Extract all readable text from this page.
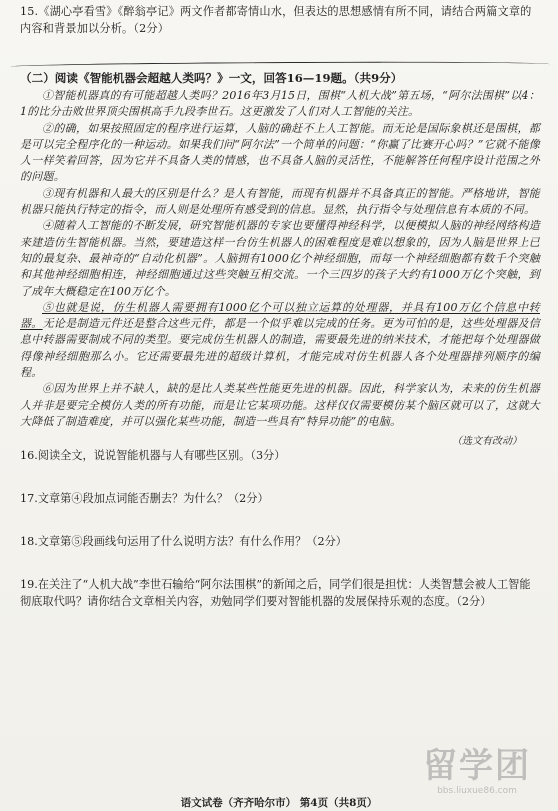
15.《湖心亭看雪》《醉翁亭记》两文作者都寄情山水，但表达的思想感情有所不同，请结合两篇文章的内容和背景加以分析。（2分）
（二）阅读《智能机器会超越人类吗？》一文，回答16—19题。（共9分）

①智能机器真的有可能超越人类吗？2016年3月15日，围棋“人机大战”第五场，“阿尔法围棋”以4：1的比分击败世界顶尖围棋高手九段李世石。这更激发了人们对人工智能的关注。

②的确，如果按照固定的程序进行运算，人脑的确赶不上人工智能。而无论是国际象棋还是围棋，都是可以完全程序化的一种运动。如果我们问“阿尔法”一个简单的问题：“你赢了比赛开心吗？”它就不能像人一样笑着回答，因为它并不具备人类的情感，也不具备人脑的灵活性，不能解答任何程序设计范围之外的问题。

③现有机器和人最大的区别是什么？是人有智能，而现有机器并不具备真正的智能。严格地讲，智能机器只能执行特定的指令，而人则是处理所有感受到的信息。显然，执行指令与处理信息有本质的不同。

④随着人工智能的不断发展，研究智能机器的专家也要懂得神经科学，以便模拟人脑的神经网络构造来建造仿生智能机器。当然，要建造这样一台仿生机器人的困难程度是难以想象的，因为人脑是世界上已知的最复杂、最神奇的“自动化机器”。人脑拥有1000亿个神经细胞，而每一个神经细胞都有数千个突触和其他神经细胞相连，神经细胞通过这些突触互相交流。一个三四岁的孩子大约有1000万亿个突触，到了成年大概稳定在100万亿个。

⑤也就是说，仿生机器人需要拥有1000亿个可以独立运算的处理器，并具有100万亿个信息中转器。无论是制造元件还是整合这些元件，都是一个似乎难以完成的任务。更为可怕的是，这些处理器及信息中转器需要制成不同的类型。要完成仿生机器人的制造，需要最先进的纳米技术，才能把每个处理器做得像神经细胞那么小。它还需要最先进的超级计算机，才能完成对仿生机器人各个处理器排列顺序的编程。

⑥因为世界上并不缺人，缺的是比人类某些性能更先进的机器。因此，科学家认为，未来的仿生机器人并非是要完全模仿人类的所有功能，而是让它某项功能。这样仅仅需要模仿某个脑区就可以了，这就大大降低了制造难度，并可以强化某些功能，制造一些具有“特异功能”的电脑。

（选文有改动）
16.阅读全文，说说智能机器与人有哪些区别。（3分）
17.文章第④段加点词能否删去？为什么？（2分）
18.文章第⑤段画线句运用了什么说明方法？有什么作用？（2分）
19.在关注了“人机大战”李世石输给“阿尔法围棋”的新闻之后，同学们很是担忧：人类智慧会被人工智能彻底取代吗？请你结合文章相关内容，劝勉同学们要对智能机器的发展保持乐观的态度。（2分）
语文试卷（齐齐哈尔市） 第4页（共8页）
留学团
bbs.liuxue86.com
